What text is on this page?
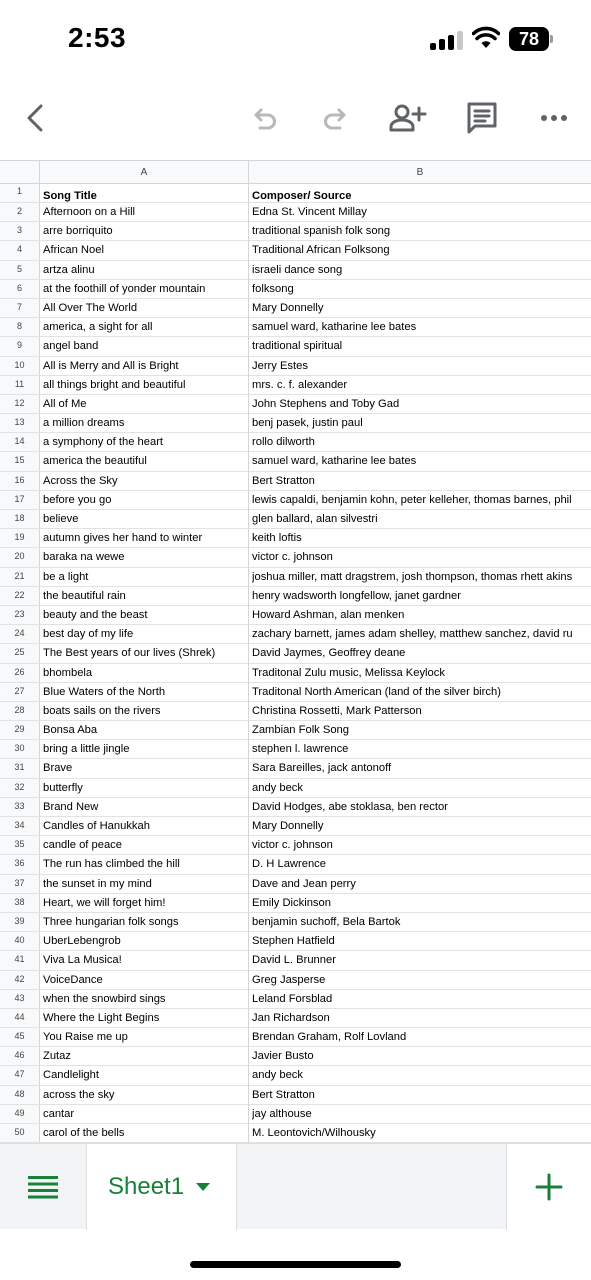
2:53	78
A	B
1	Song Title	Composer/ Source
2	Afternoon on a Hill	Edna St. Vincent Millay
3	arre borriquito	traditional spanish folk song
4	African Noel	Traditional African Folksong
5	artza alinu	israeli dance song
6	at the foothill of yonder mountain	folksong
7	All Over The World	Mary Donnelly
8	america, a sight for all	samuel ward, katharine lee bates
9	angel band	traditional spiritual
10	All is Merry and All is Bright	Jerry Estes
11	all things bright and beautiful	mrs. c. f. alexander
12	All of Me	John Stephens and Toby Gad
13	a million dreams	benj pasek, justin paul
14	a symphony of the heart	rollo dilworth
15	america the beautiful	samuel ward, katharine lee bates
16	Across the Sky	Bert Stratton
17	before you go	lewis capaldi, benjamin kohn, peter kelleher, thomas barnes, phil
18	believe	glen ballard, alan silvestri
19	autumn gives her hand to winter	keith loftis
20	baraka na wewe	victor c. johnson
21	be a light	joshua miller, matt dragstrem, josh thompson, thomas rhett akins
22	the beautiful rain	henry wadsworth longfellow, janet gardner
23	beauty and the beast	Howard Ashman, alan menken
24	best day of my life	zachary barnett, james adam shelley, matthew sanchez, david ru
25	The Best years of our lives (Shrek)	David Jaymes, Geoffrey deane
26	bhombela	Traditonal Zulu music, Melissa Keylock
27	Blue Waters of the North	Traditonal North American (land of the silver birch)
28	boats sails on the rivers	Christina Rossetti, Mark Patterson
29	Bonsa Aba	Zambian Folk Song
30	bring a little jingle	stephen l. lawrence
31	Brave	Sara Bareilles, jack antonoff
32	butterfly	andy beck
33	Brand New	David Hodges, abe stoklasa, ben rector
34	Candles of Hanukkah	Mary Donnelly
35	candle of peace	victor c. johnson
36	The run has climbed the hill	D. H Lawrence
37	the sunset in my mind	Dave and Jean perry
38	Heart, we will forget him!	Emily Dickinson
39	Three hungarian folk songs	benjamin suchoff, Bela Bartok
40	UberLebengrob	Stephen Hatfield
41	Viva La Musica!	David L. Brunner
42	VoiceDance	Greg Jasperse
43	when the snowbird sings	Leland Forsblad
44	Where the Light Begins	Jan Richardson
45	You Raise me up	Brendan Graham, Rolf Lovland
46	Zutaz	Javier Busto
47	Candlelight	andy beck
48	across the sky	Bert Stratton
49	cantar	jay althouse
50	carol of the bells	M. Leontovich/Wilhousky
Sheet1
